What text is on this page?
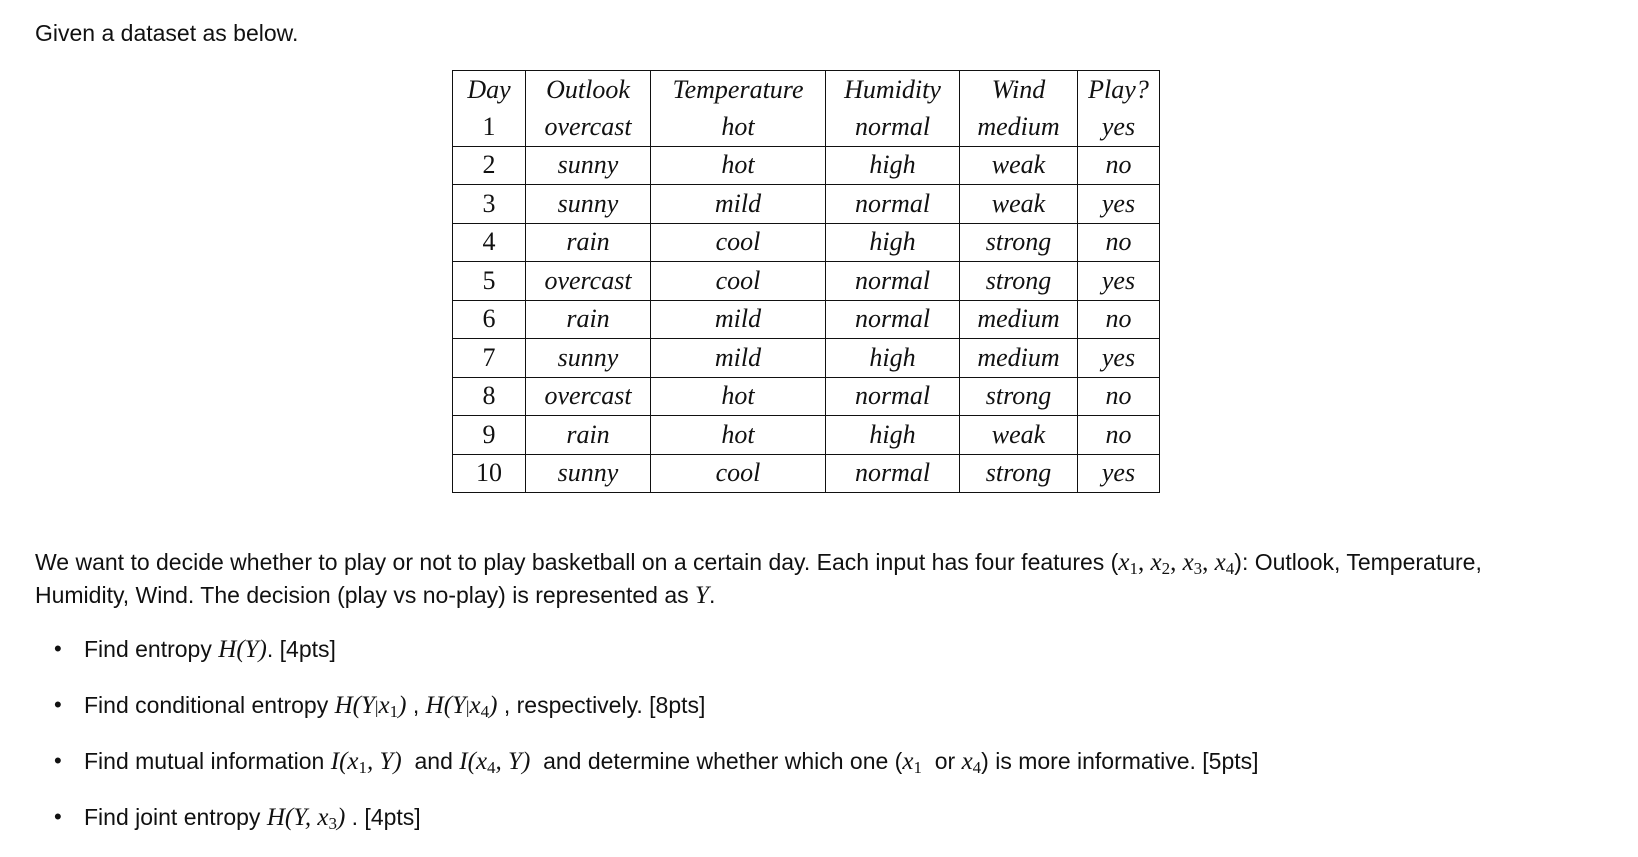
Given a dataset as below.

Day	Outlook	Temperature	Humidity	Wind	Play?
1	overcast	hot	normal	medium	yes
2	sunny	hot	high	weak	no
3	sunny	mild	normal	weak	yes
4	rain	cool	high	strong	no
5	overcast	cool	normal	strong	yes
6	rain	mild	normal	medium	no
7	sunny	mild	high	medium	yes
8	overcast	hot	normal	strong	no
9	rain	hot	high	weak	no
10	sunny	cool	normal	strong	yes

We want to decide whether to play or not to play basketball on a certain day. Each input has four features ($x_1$, $x_2$, $x_3$, $x_4$): Outlook, Temperature,
Humidity, Wind. The decision (play vs no-play) is represented as Y.

• Find entropy H(Y). [4pts]
• Find conditional entropy $H(Y|x_1)$ , $H(Y|x_4)$ , respectively. [8pts]
• Find mutual information $I(x_1$, Y) and $I(x_4$, Y) and determine whether which one ($x_1$ or $x_4$) is more informative. [5pts]
• Find joint entropy H(Y, $x_3$) . [4pts]
